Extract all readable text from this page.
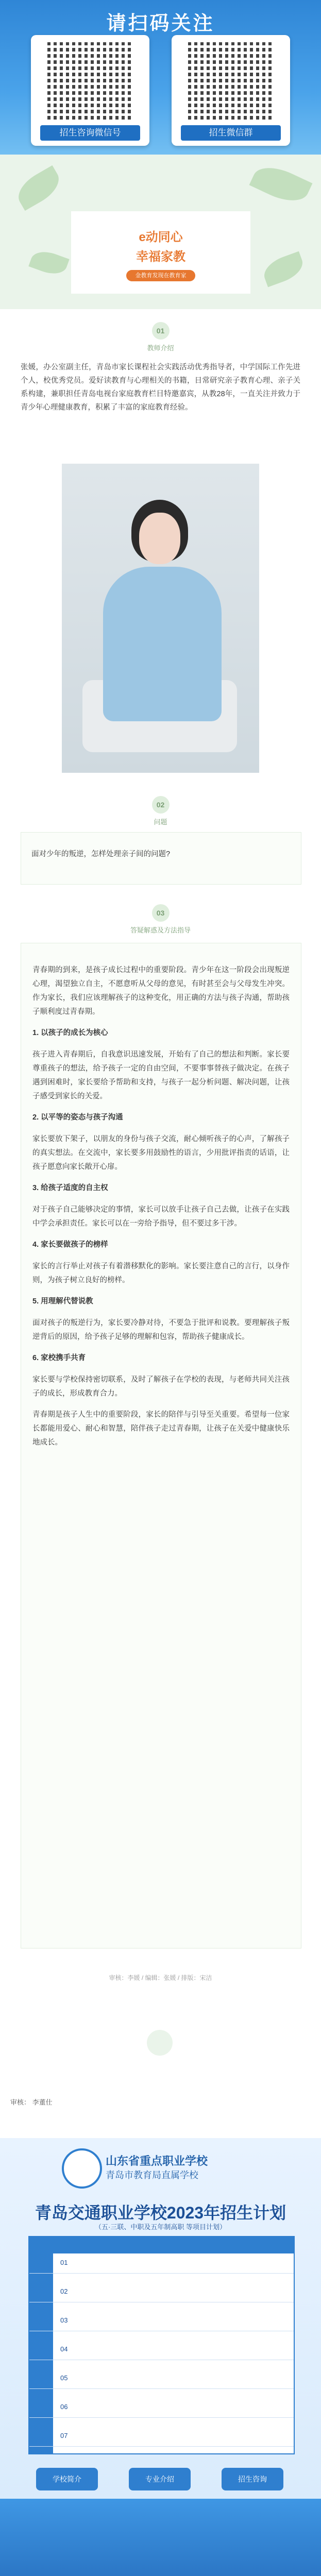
请扫码关注
招生咨询微信号	招生微信群
e动同心
幸福家教
金教育发现在教育家
01
教师介绍
张媛，办公室副主任，青岛市家长课程社会实践活动优秀指导者，中学国际工作先进个人，校优秀党员。爱好读教育与心理相关的书籍，日常研究亲子教育心理、亲子关系构建，兼职担任青岛电视台家庭教育栏目特邀嘉宾，从教28年，一直关注并致力于青少年心理健康教育，积累了丰富的家庭教育经验。
02
问题
面对少年的叛逆，怎样处理亲子间的问题?
03
答疑解惑及方法指导

青春期的到来，是孩子成长过程中的重要阶段。青少年在这一阶段会出现叛逆心理，渴望独立自主，不愿意听从父母的意见，有时甚至会与父母发生冲突。作为家长，我们应该理解孩子的这种变化，用正确的方法与孩子沟通，帮助孩子顺利度过青春期。

1. 以孩子的成长为核心

孩子进入青春期后，自我意识迅速发展，开始有了自己的想法和判断。家长要尊重孩子的想法，给予孩子一定的自由空间，不要事事替孩子做决定。在孩子遇到困难时，家长要给予帮助和支持，与孩子一起分析问题、解决问题，让孩子感受到家长的关爱。

2. 以平等的姿态与孩子沟通

家长要放下架子，以朋友的身份与孩子交流，耐心倾听孩子的心声，了解孩子的真实想法。在交流中，家长要多用鼓励性的语言，少用批评指责的话语，让孩子愿意向家长敞开心扉。

3. 给孩子适度的自主权

对于孩子自己能够决定的事情，家长可以放手让孩子自己去做，让孩子在实践中学会承担责任。家长可以在一旁给予指导，但不要过多干涉。

4. 家长要做孩子的榜样

家长的言行举止对孩子有着潜移默化的影响。家长要注意自己的言行，以身作则，为孩子树立良好的榜样。

5. 用理解代替说教

面对孩子的叛逆行为，家长要冷静对待，不要急于批评和说教。要理解孩子叛逆背后的原因，给予孩子足够的理解和包容，帮助孩子健康成长。

6. 家校携手共育

家长要与学校保持密切联系，及时了解孩子在学校的表现，与老师共同关注孩子的成长，形成教育合力。

青春期是孩子人生中的重要阶段，家长的陪伴与引导至关重要。希望每一位家长都能用爱心、耐心和智慧，陪伴孩子走过青春期，让孩子在关爱中健康快乐地成长。

审核：李媛 / 编辑：张媛 / 排版：宋洁
审核： 李董仕
山东省重点职业学校
青岛市教育局直属学校
青岛交通职业学校2023年招生计划
（五·三联、中职及五年制高职 等项目计划）
01
02
03
04
05
06
07
学校简介	专业介绍	招生咨询
